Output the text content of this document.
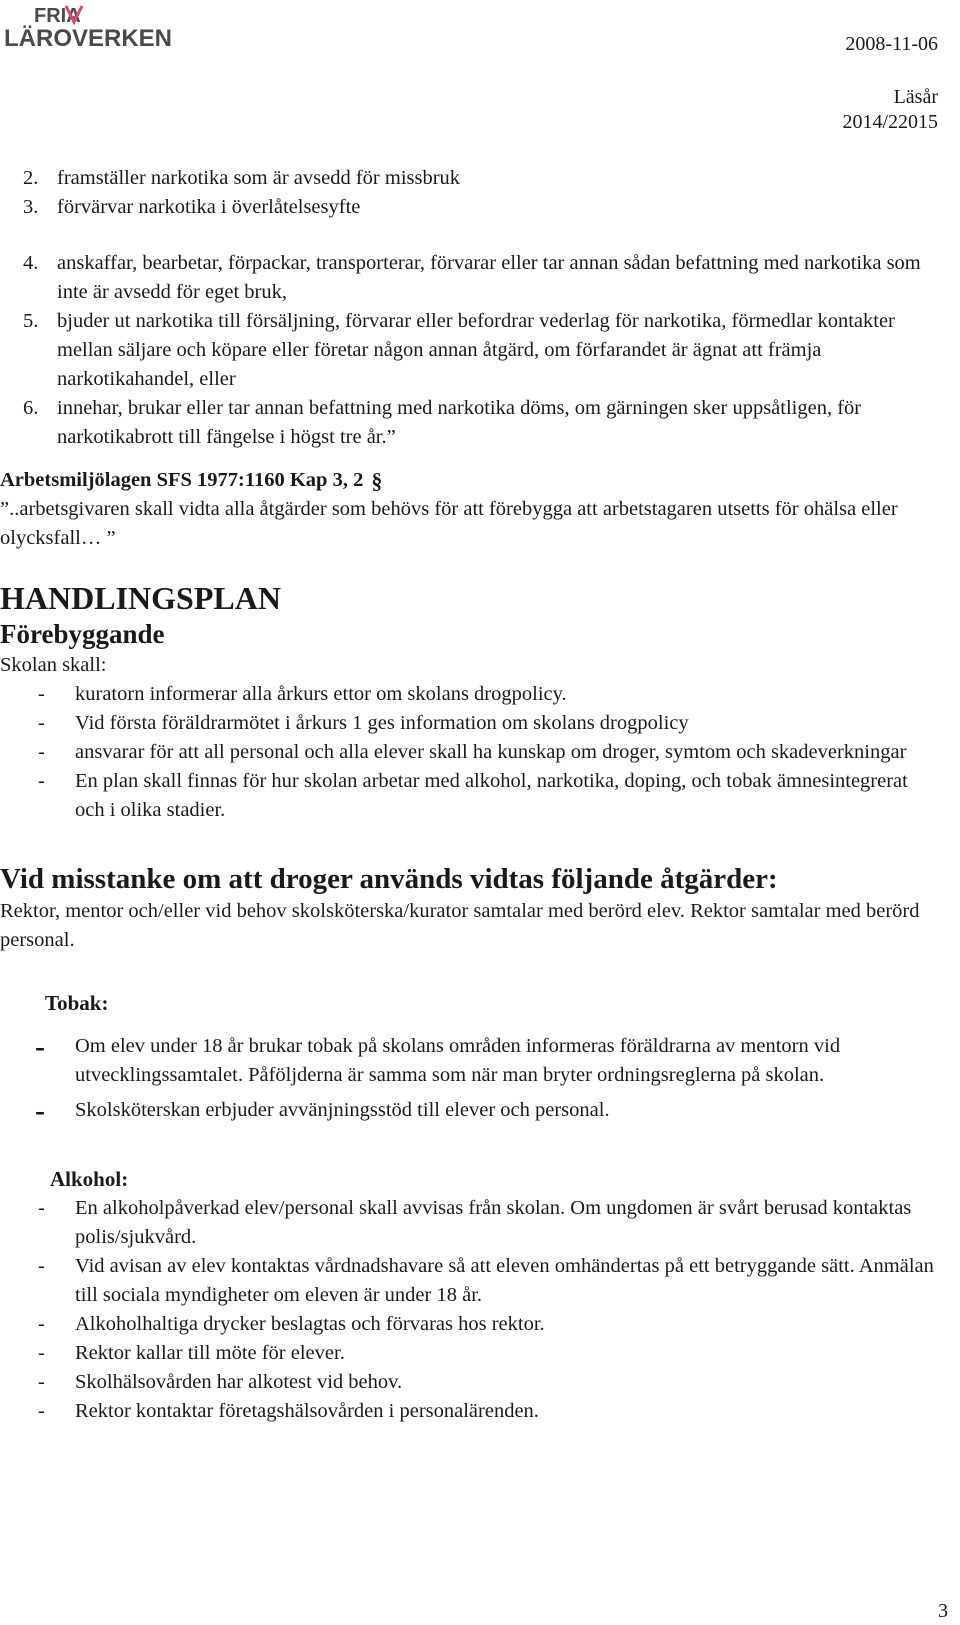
FRIA
LÄROVERKEN	2008-11-06
Läsår
2014/22015
2. framställer narkotika som är avsedd för missbruk
3. förvärvar narkotika i överlåtelsesyfte
4. anskaffar, bearbetar, förpackar, transporterar, förvarar eller tar annan sådan befattning med narkotika som inte är avsedd för eget bruk,
5. bjuder ut narkotika till försäljning, förvarar eller befordrar vederlag för narkotika, förmedlar kontakter mellan säljare och köpare eller företar någon annan åtgärd, om förfarandet är ägnat att främja narkotikahandel, eller
6. innehar, brukar eller tar annan befattning med narkotika döms, om gärningen sker uppsåtligen, för narkotikabrott till fängelse i högst tre år.”
Arbetsmiljölagen SFS 1977:1160 Kap 3, 2 §
”..arbetsgivaren skall vidta alla åtgärder som behövs för att förebygga att arbetstagaren utsetts för ohälsa eller olycksfall… ”
HANDLINGSPLAN
Förebyggande
Skolan skall:
-	kuratorn informerar alla årkurs ettor om skolans drogpolicy.
-	Vid första föräldrarmötet i årkurs 1 ges information om skolans drogpolicy
-	ansvarar för att all personal och alla elever skall ha kunskap om droger, symtom och skadeverkningar
-	En plan skall finnas för hur skolan arbetar med alkohol, narkotika, doping, och tobak ämnesintegrerat och i olika stadier.
Vid misstanke om att droger används vidtas följande åtgärder:
Rektor, mentor och/eller vid behov skolsköterska/kurator samtalar med berörd elev. Rektor samtalar med berörd personal.
Tobak:
-	Om elev under 18 år brukar tobak på skolans områden informeras föräldrarna av mentorn vid utvecklingssamtalet. Påföljderna är samma som när man bryter ordningsreglerna på skolan.
-	Skolsköterskan erbjuder avvänjningsstöd till elever och personal.
Alkohol:
-	En alkoholpåverkad elev/personal skall avvisas från skolan. Om ungdomen är svårt berusad kontaktas polis/sjukvård.
-	Vid avisan av elev kontaktas vårdnadshavare så att eleven omhändertas på ett betryggande sätt. Anmälan till sociala myndigheter om eleven är under 18 år.
-	Alkoholhaltiga drycker beslagtas och förvaras hos rektor.
-	Rektor kallar till möte för elever.
-	Skolhälsovården har alkotest vid behov.
-	Rektor kontaktar företagshälsovården i personalärenden.
3
